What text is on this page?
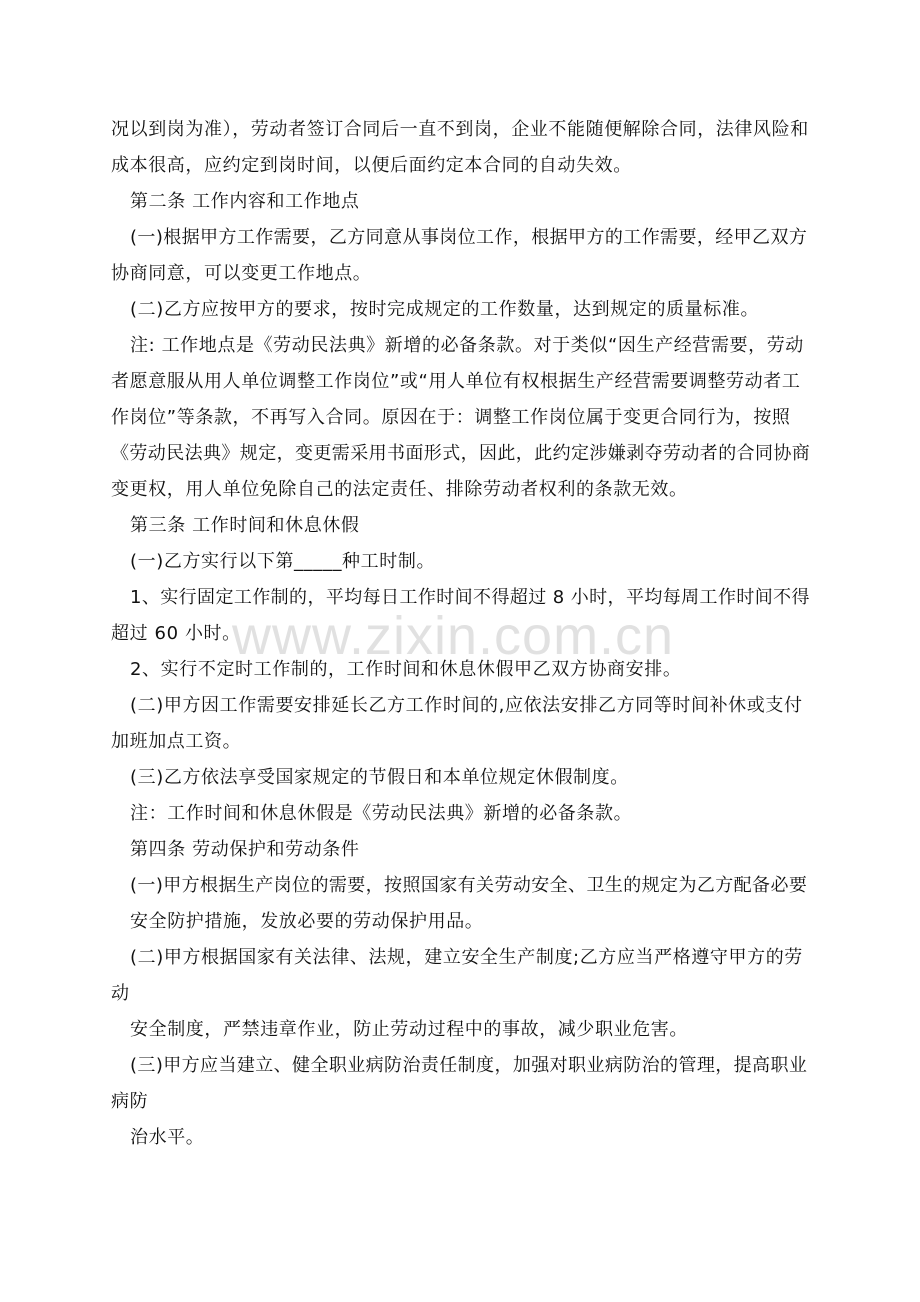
况以到岗为准），劳动者签订合同后一直不到岗，企业不能随便解除合同，法律风险和
成本很高，应约定到岗时间，以便后面约定本合同的自动失效。
第二条 工作内容和工作地点
(一)根据甲方工作需要，乙方同意从事岗位工作，根据甲方的工作需要，经甲乙双方
协商同意，可以变更工作地点。
(二)乙方应按甲方的要求，按时完成规定的工作数量，达到规定的质量标准。
注: 工作地点是《劳动民法典》新增的必备条款。对于类似“因生产经营需要，劳动
者愿意服从用人单位调整工作岗位”或“用人单位有权根据生产经营需要调整劳动者工
作岗位”等条款，不再写入合同。原因在于：调整工作岗位属于变更合同行为，按照
《劳动民法典》规定，变更需采用书面形式，因此，此约定涉嫌剥夺劳动者的合同协商
变更权，用人单位免除自己的法定责任、排除劳动者权利的条款无效。
第三条 工作时间和休息休假
(一)乙方实行以下第_____种工时制。
1、实行固定工作制的，平均每日工作时间不得超过 8 小时，平均每周工作时间不得
超过 60 小时。
2、实行不定时工作制的，工作时间和休息休假甲乙双方协商安排。
(二)甲方因工作需要安排延长乙方工作时间的,应依法安排乙方同等时间补休或支付
加班加点工资。
(三)乙方依法享受国家规定的节假日和本单位规定休假制度。
注：工作时间和休息休假是《劳动民法典》新增的必备条款。
第四条 劳动保护和劳动条件
(一)甲方根据生产岗位的需要，按照国家有关劳动安全、卫生的规定为乙方配备必要
安全防护措施，发放必要的劳动保护用品。
(二)甲方根据国家有关法律、法规，建立安全生产制度;乙方应当严格遵守甲方的劳
动
安全制度，严禁违章作业，防止劳动过程中的事故，减少职业危害。
(三)甲方应当建立、健全职业病防治责任制度，加强对职业病防治的管理，提高职业
病防
治水平。
www.zixin.com.cn
